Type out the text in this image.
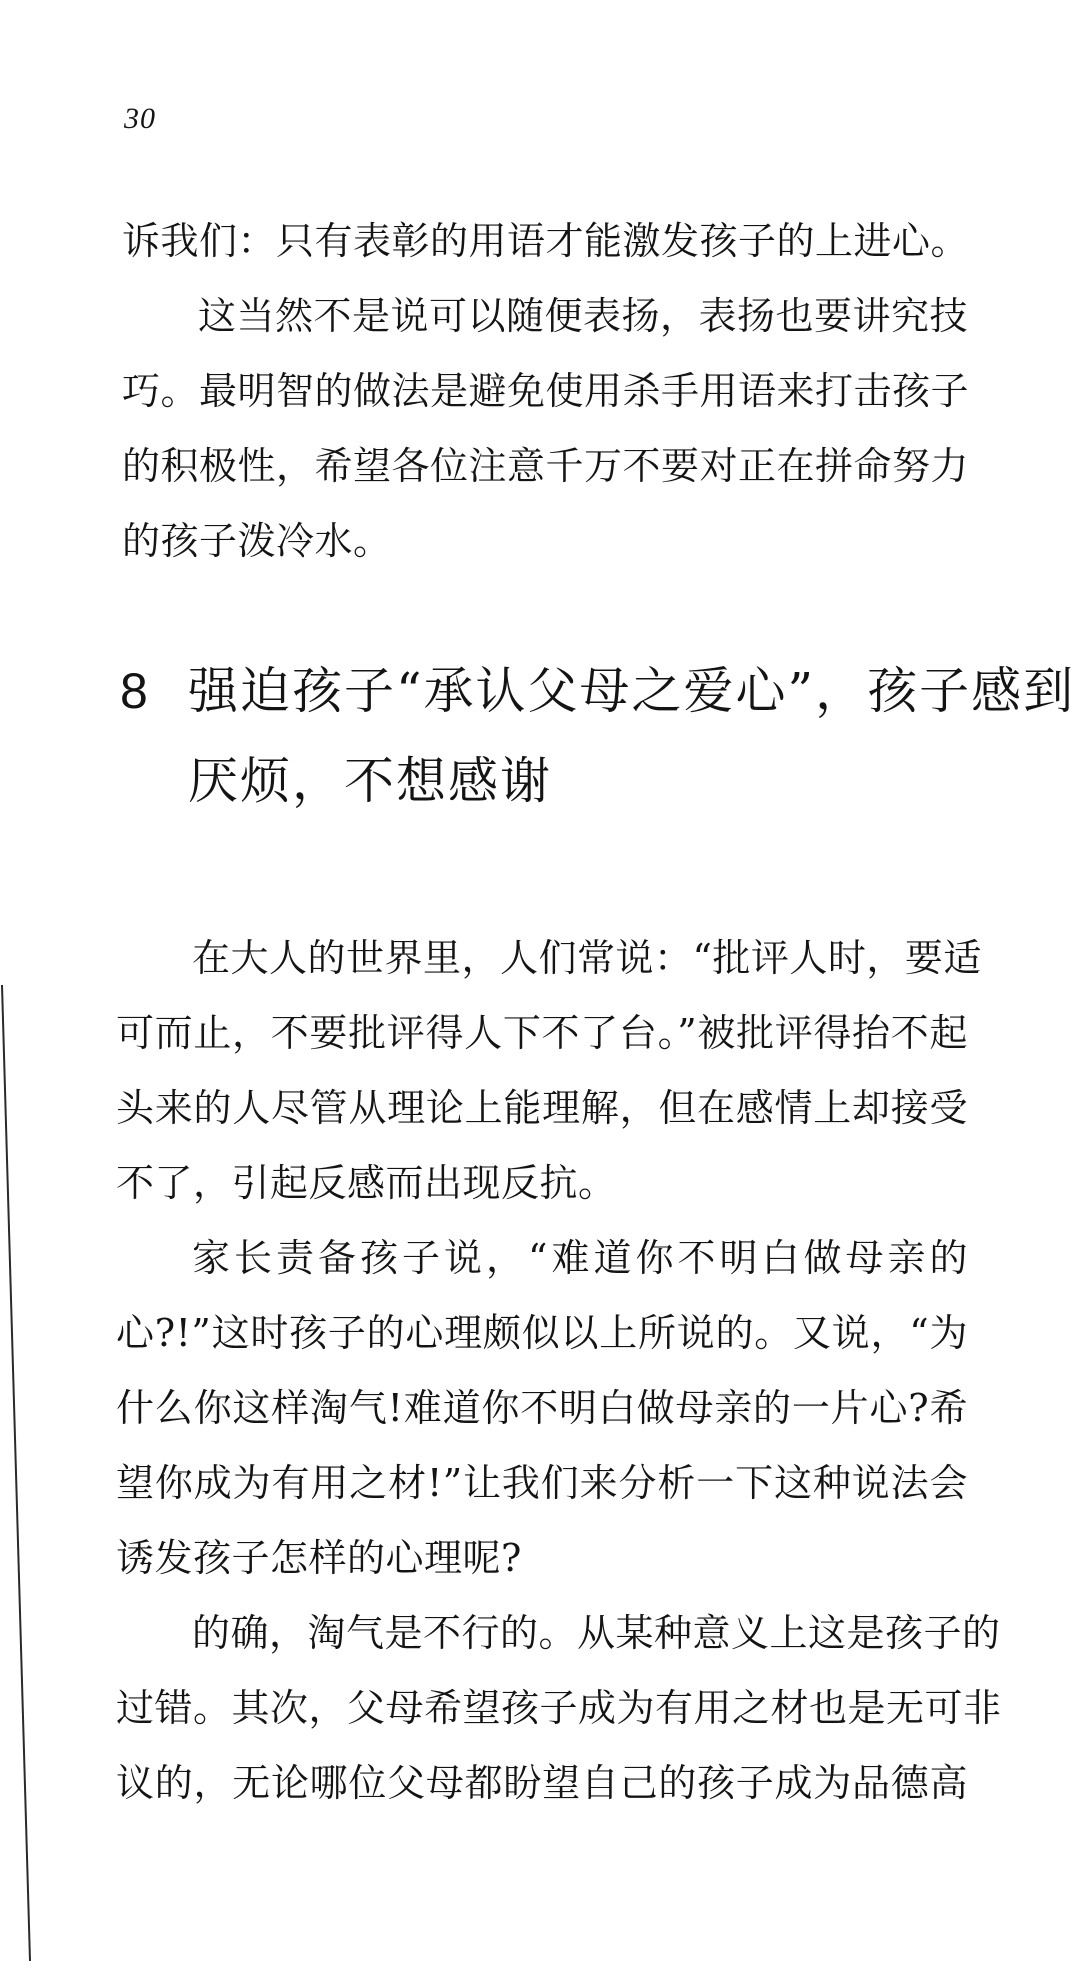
30
诉我们：只有表彰的用语才能激发孩子的上进心。
这当然不是说可以随便表扬，表扬也要讲究技
巧。最明智的做法是避免使用杀手用语来打击孩子
的积极性，希望各位注意千万不要对正在拼命努力
的孩子泼冷水。
8 强迫孩子“承认父母之爱心”，孩子感到
厌烦，不想感谢
在大人的世界里，人们常说：“批评人时，要适
可而止，不要批评得人下不了台。”被批评得抬不起
头来的人尽管从理论上能理解，但在感情上却接受
不了，引起反感而出现反抗。
家长责备孩子说，“难道你不明白做母亲的
心?!”这时孩子的心理颇似以上所说的。又说，“为
什么你这样淘气!难道你不明白做母亲的一片心?希
望你成为有用之材!”让我们来分析一下这种说法会
诱发孩子怎样的心理呢?
的确，淘气是不行的。从某种意义上这是孩子的
过错。其次，父母希望孩子成为有用之材也是无可非
议的，无论哪位父母都盼望自己的孩子成为品德高
